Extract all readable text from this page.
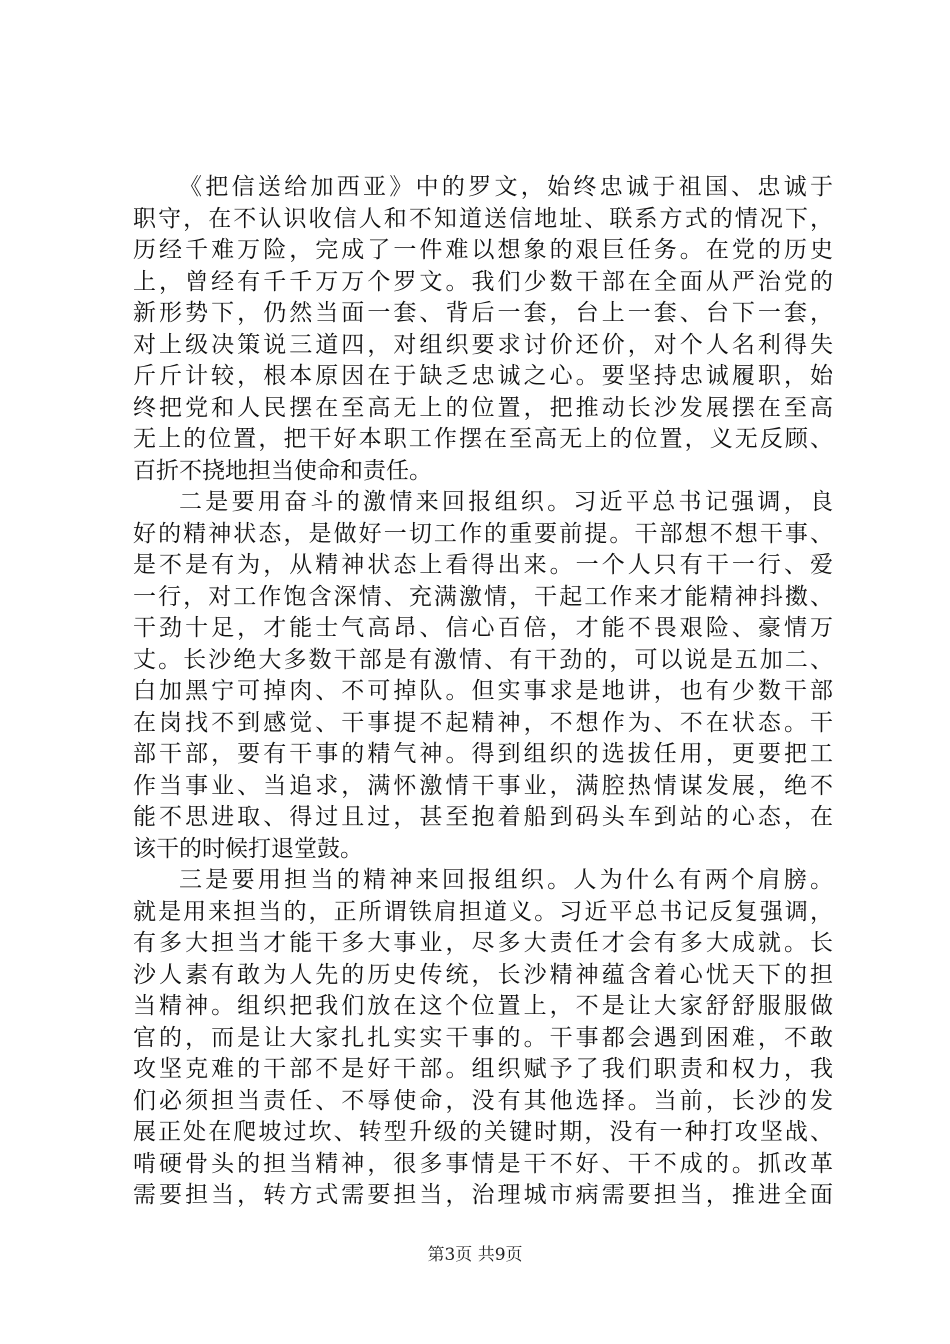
《把信送给加西亚》中的罗文，始终忠诚于祖国、忠诚于
职守，在不认识收信人和不知道送信地址、联系方式的情况下，
历经千难万险，完成了一件难以想象的艰巨任务。在党的历史
上，曾经有千千万万个罗文。我们少数干部在全面从严治党的
新形势下，仍然当面一套、背后一套，台上一套、台下一套，
对上级决策说三道四，对组织要求讨价还价，对个人名利得失
斤斤计较，根本原因在于缺乏忠诚之心。要坚持忠诚履职，始
终把党和人民摆在至高无上的位置，把推动长沙发展摆在至高
无上的位置，把干好本职工作摆在至高无上的位置，义无反顾、
百折不挠地担当使命和责任。
二是要用奋斗的激情来回报组织。习近平总书记强调，良
好的精神状态，是做好一切工作的重要前提。干部想不想干事、
是不是有为，从精神状态上看得出来。一个人只有干一行、爱
一行，对工作饱含深情、充满激情，干起工作来才能精神抖擞、
干劲十足，才能士气高昂、信心百倍，才能不畏艰险、豪情万
丈。长沙绝大多数干部是有激情、有干劲的，可以说是五加二、
白加黑宁可掉肉、不可掉队。但实事求是地讲，也有少数干部
在岗找不到感觉、干事提不起精神，不想作为、不在状态。干
部干部，要有干事的精气神。得到组织的选拔任用，更要把工
作当事业、当追求，满怀激情干事业，满腔热情谋发展，绝不
能不思进取、得过且过，甚至抱着船到码头车到站的心态，在
该干的时候打退堂鼓。
三是要用担当的精神来回报组织。人为什么有两个肩膀。
就是用来担当的，正所谓铁肩担道义。习近平总书记反复强调，
有多大担当才能干多大事业，尽多大责任才会有多大成就。长
沙人素有敢为人先的历史传统，长沙精神蕴含着心忧天下的担
当精神。组织把我们放在这个位置上，不是让大家舒舒服服做
官的，而是让大家扎扎实实干事的。干事都会遇到困难，不敢
攻坚克难的干部不是好干部。组织赋予了我们职责和权力，我
们必须担当责任、不辱使命，没有其他选择。当前，长沙的发
展正处在爬坡过坎、转型升级的关键时期，没有一种打攻坚战、
啃硬骨头的担当精神，很多事情是干不好、干不成的。抓改革
需要担当，转方式需要担当，治理城市病需要担当，推进全面
第3页 共9页
